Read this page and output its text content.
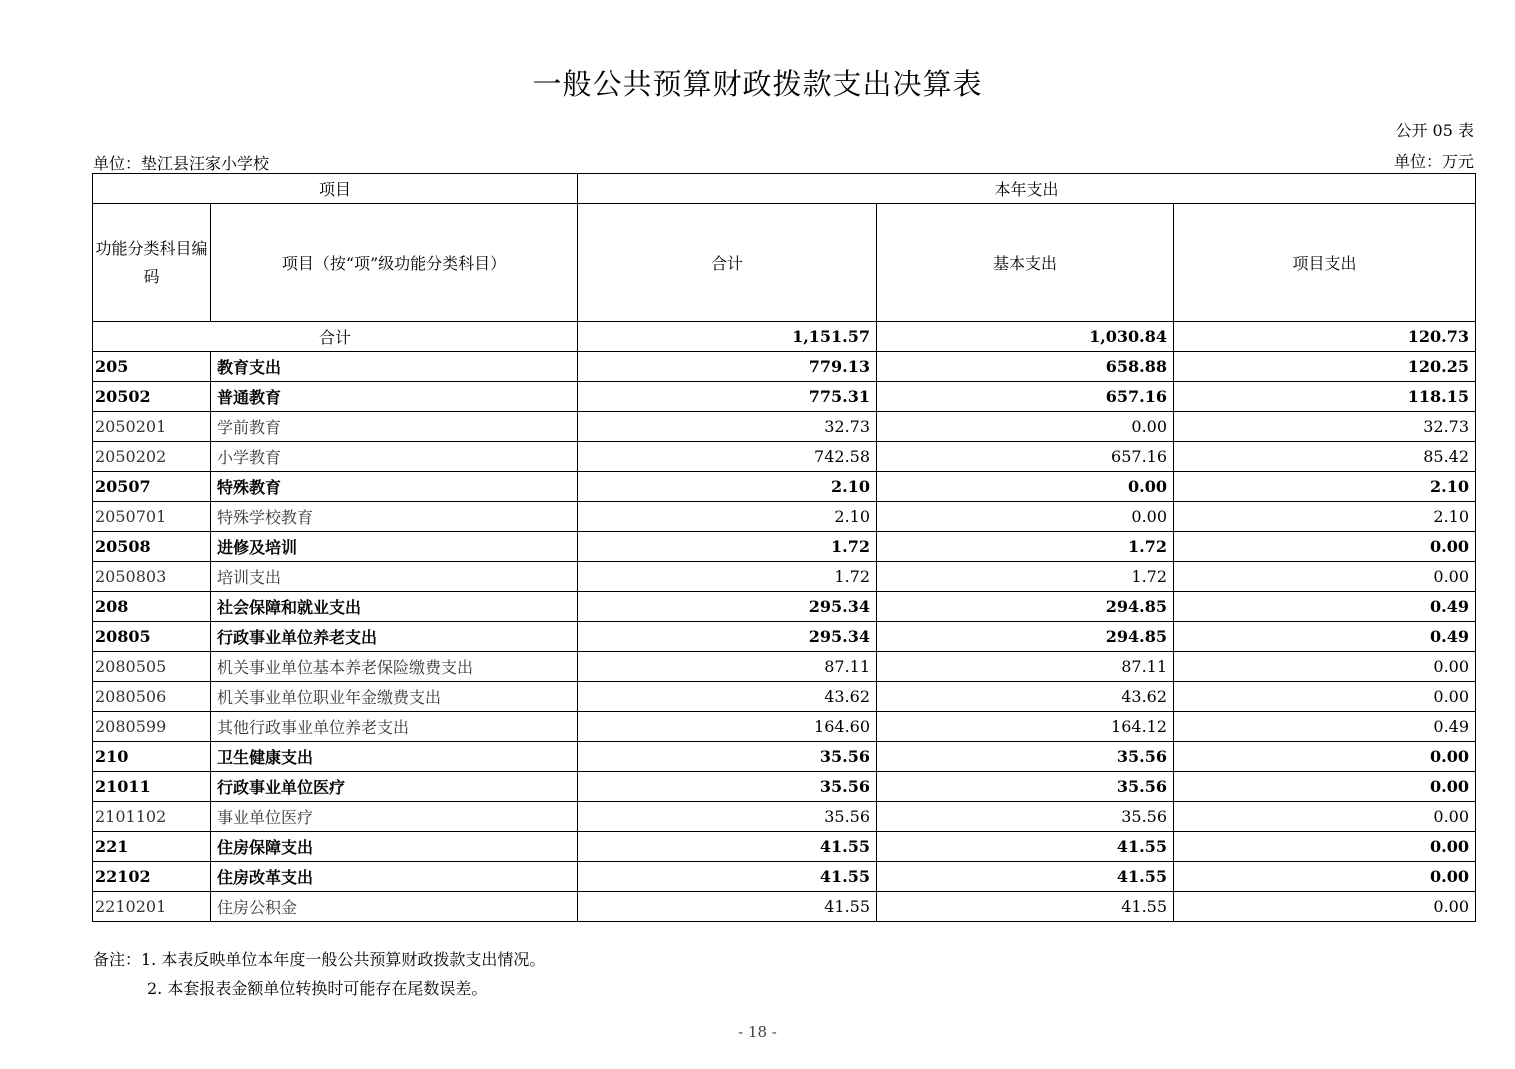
一般公共预算财政拨款支出决算表
公开 05 表
单位：垫江县汪家小学校	单位：万元
项目		本年支出		
功能分类科目编码	项目（按“项”级功能分类科目）	合计	基本支出	项目支出
合计		1,151.57	1,030.84	120.73
205	教育支出	779.13	658.88	120.25
20502	普通教育	775.31	657.16	118.15
2050201	学前教育	32.73	0.00	32.73
2050202	小学教育	742.58	657.16	85.42
20507	特殊教育	2.10	0.00	2.10
2050701	特殊学校教育	2.10	0.00	2.10
20508	进修及培训	1.72	1.72	0.00
2050803	培训支出	1.72	1.72	0.00
208	社会保障和就业支出	295.34	294.85	0.49
20805	行政事业单位养老支出	295.34	294.85	0.49
2080505	机关事业单位基本养老保险缴费支出	87.11	87.11	0.00
2080506	机关事业单位职业年金缴费支出	43.62	43.62	0.00
2080599	其他行政事业单位养老支出	164.60	164.12	0.49
210	卫生健康支出	35.56	35.56	0.00
21011	行政事业单位医疗	35.56	35.56	0.00
2101102	事业单位医疗	35.56	35.56	0.00
221	住房保障支出	41.55	41.55	0.00
22102	住房改革支出	41.55	41.55	0.00
2210201	住房公积金	41.55	41.55	0.00
备注：1. 本表反映单位本年度一般公共预算财政拨款支出情况。
2. 本套报表金额单位转换时可能存在尾数误差。
- 18 -
